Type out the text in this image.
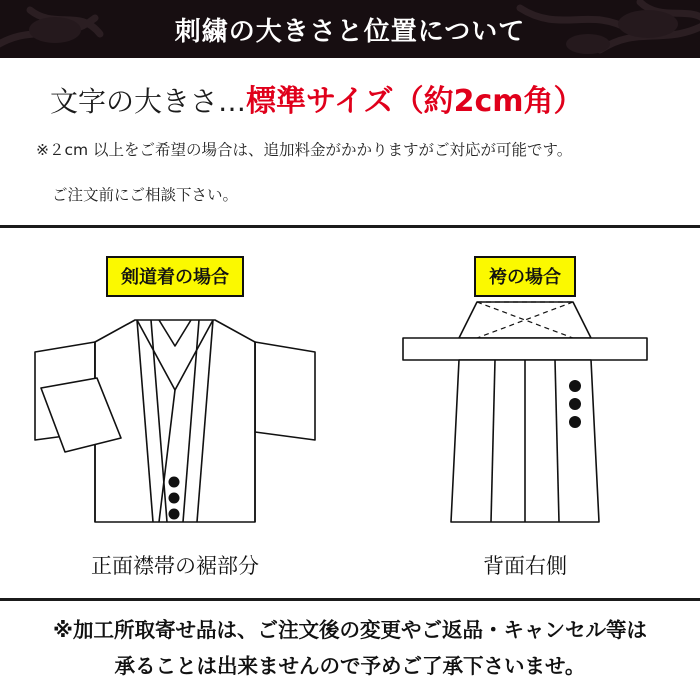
刺繍の大きさと位置について
文字の大きさ…標準サイズ（約2cm角）
※２cm 以上をご希望の場合は、追加料金がかかりますがご対応が可能です。
ご注文前にご相談下さい。
剣道着の場合
正面襟帯の裾部分
袴の場合
背面右側
※加工所取寄せ品は、ご注文後の変更やご返品・キャンセル等は
承ることは出来ませんので予めご了承下さいませ。
